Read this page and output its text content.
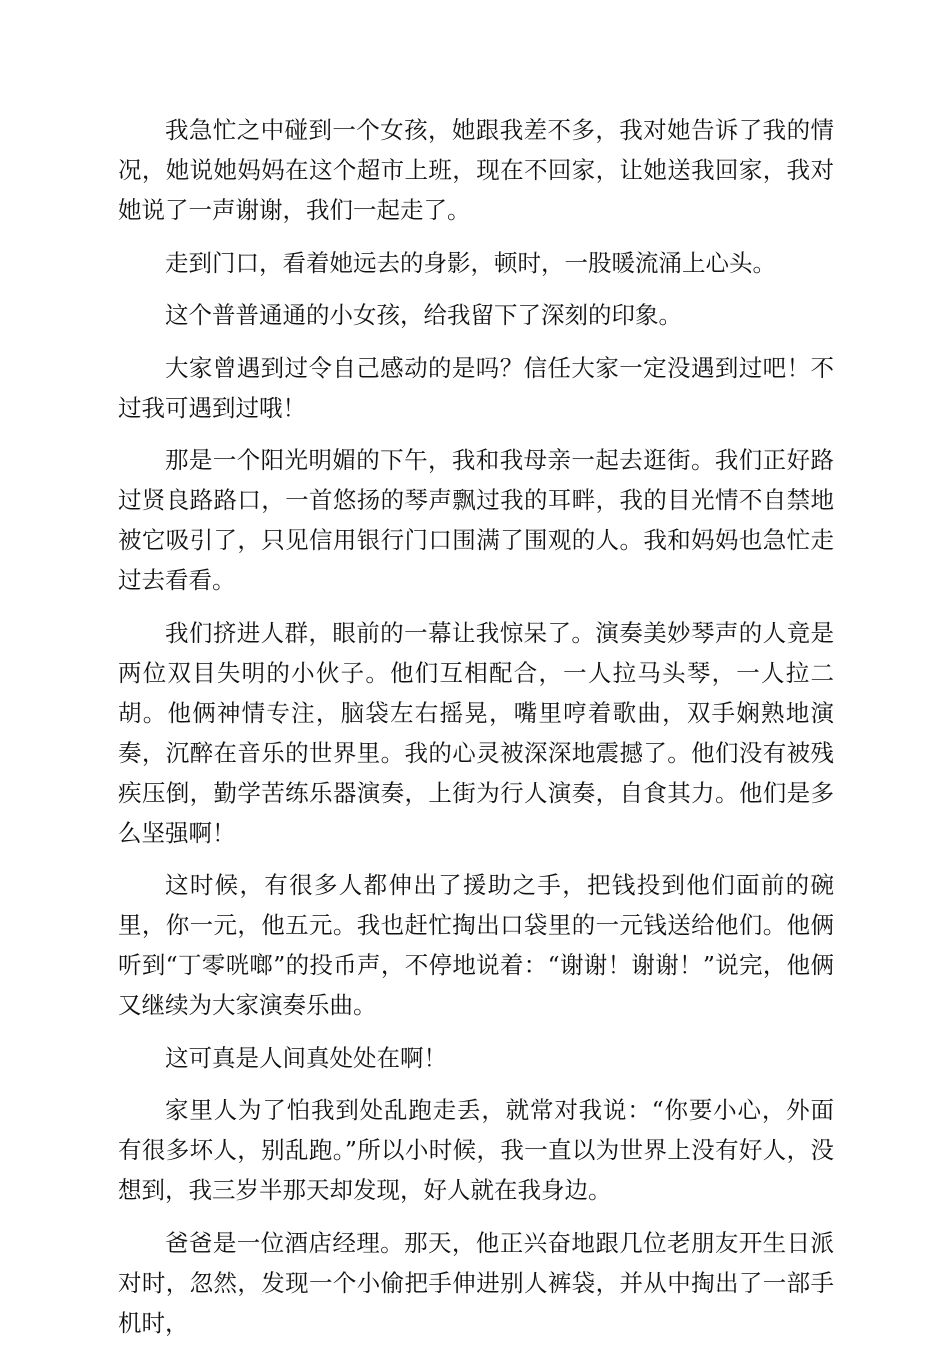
我急忙之中碰到一个女孩，她跟我差不多，我对她告诉了我的情况，她说她妈妈在这个超市上班，现在不回家，让她送我回家，我对她说了一声谢谢，我们一起走了。

走到门口，看着她远去的身影，顿时，一股暖流涌上心头。

这个普普通通的小女孩，给我留下了深刻的印象。

大家曾遇到过令自己感动的是吗？信任大家一定没遇到过吧！不过我可遇到过哦！

那是一个阳光明媚的下午，我和我母亲一起去逛街。我们正好路过贤良路路口，一首悠扬的琴声飘过我的耳畔，我的目光情不自禁地被它吸引了，只见信用银行门口围满了围观的人。我和妈妈也急忙走过去看看。

我们挤进人群，眼前的一幕让我惊呆了。演奏美妙琴声的人竟是两位双目失明的小伙子。他们互相配合，一人拉马头琴，一人拉二胡。他俩神情专注，脑袋左右摇晃，嘴里哼着歌曲，双手娴熟地演奏，沉醉在音乐的世界里。我的心灵被深深地震撼了。他们没有被残疾压倒，勤学苦练乐器演奏，上街为行人演奏，自食其力。他们是多么坚强啊！

这时候，有很多人都伸出了援助之手，把钱投到他们面前的碗里，你一元，他五元。我也赶忙掏出口袋里的一元钱送给他们。他俩听到“丁零咣啷”的投币声，不停地说着：“谢谢！谢谢！”说完，他俩又继续为大家演奏乐曲。

这可真是人间真处处在啊！

家里人为了怕我到处乱跑走丢，就常对我说：“你要小心，外面有很多坏人，别乱跑。”所以小时候，我一直以为世界上没有好人，没想到，我三岁半那天却发现，好人就在我身边。

爸爸是一位酒店经理。那天，他正兴奋地跟几位老朋友开生日派对时，忽然，发现一个小偷把手伸进别人裤袋，并从中掏出了一部手机时，
